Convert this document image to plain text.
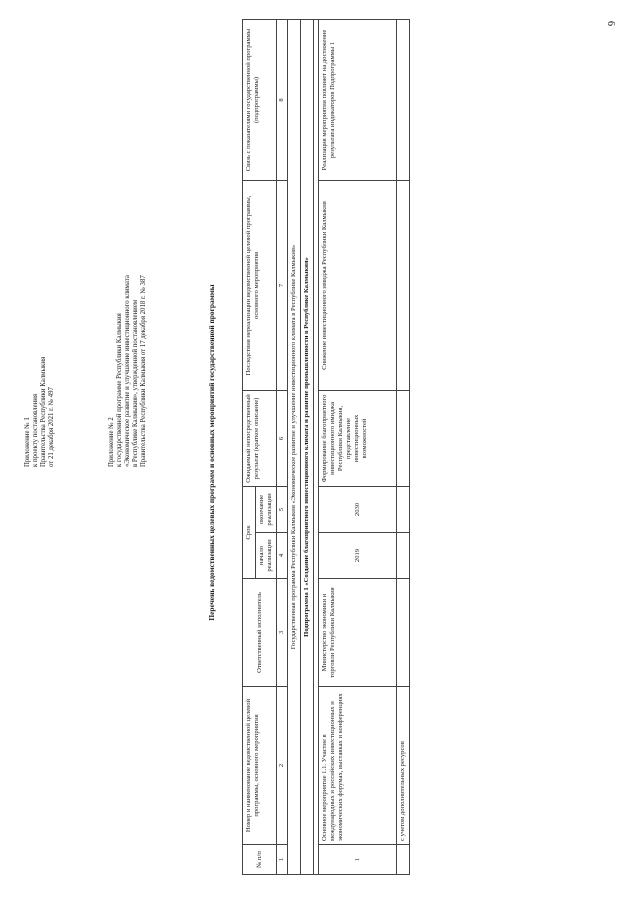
6
Приложение № 1 к проекту постановления Правительства Республики Калмыкия от 21 декабря 2021 г. № 497	Приложение № 2 к государственной программе Республики Калмыкия «Экономическое развитие и улучшение инвестиционного климата в Республике Калмыкия», утвержденной постановлением Правительства Республики Калмыкия от 17 декабря 2018 г. № 387	Перечень ведомственных целевых программ и основных мероприятий государственной программы
№ п/п	Номер и наименование ведомственной целевой программы, основного мероприятия	Ответственный исполнитель	Срок		Ожидаемый непосредственный результат (краткое описание)	Последствия нереализации ведомственной целевой программы, основного мероприятия	Связь с показателями государственной программы (подпрограммы)
			начало реализации	окончание реализации			
1	2	3	4	5	6	7	8
Государственная программа Республики Калмыкия «Экономическое развитие и улучшение инвестиционного климата в Республике Калмыкия»							
Подпрограмма 1 «Создание благоприятного инвестиционного климата и развитие промышленности в Республике Калмыкия»							

1	Основное мероприятие 1.1. Участие в международных и российских инвестиционных и экономических форумах, выставках и конференциях	Министерство экономики и торговли Республики Калмыкия	2019	2030	Формирование благоприятного инвестиционного имиджа Республики Калмыкия, представление инвестиционных возможностей	Снижение инвестиционного имиджа Республики Калмыкия	Реализация мероприятия повлияет на достижение результата индикаторов Подпрограммы 1
	с учетом дополнительных ресурсов						
